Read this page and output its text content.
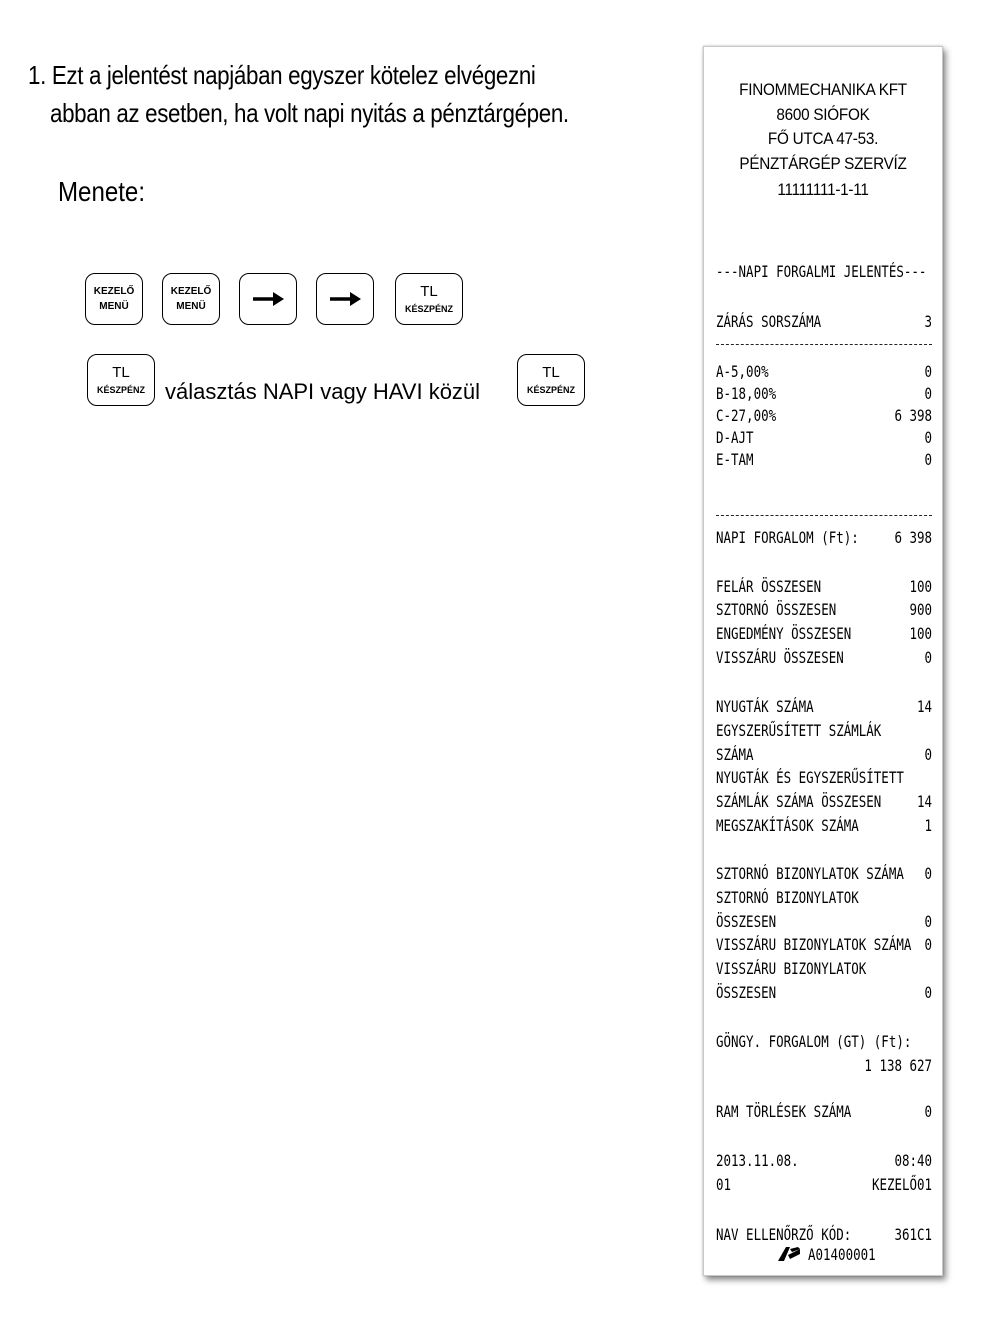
1. Ezt a jelentést napjában egyszer kötelez elvégezni
abban az esetben, ha volt napi nyitás a pénztárgépen.
Menete:
KEZELŐ
MENÜ
KEZELŐ
MENÜ
TL
KÉSZPÉNZ
TL
KÉSZPÉNZ választás NAPI vagy HAVI közül
TL
KÉSZPÉNZ
FINOMMECHANIKA KFT
8600 SIÓFOK
FŐ UTCA 47-53.
PÉNZTÁRGÉP SZERVÍZ
11111111-1-11
---NAPI FORGALMI JELENTÉS---
ZÁRÁS SORSZÁMA	3
A-5,00%	0
B-18,00%	0
C-27,00%	6 398
D-AJT	0
E-TAM	0
NAPI FORGALOM (Ft): 6 398
FELÁR ÖSSZESEN	100
SZTORNÓ ÖSSZESEN	900
ENGEDMÉNY ÖSSZESEN	100
VISSZÁRU ÖSSZESEN	0
NYUGTÁK SZÁMA	14
EGYSZERŰSÍTETT SZÁMLÁK
SZÁMA	0
NYUGTÁK ÉS EGYSZERŰSÍTETT
SZÁMLÁK SZÁMA ÖSSZESEN 14
MEGSZAKÍTÁSOK SZÁMA	1
SZTORNÓ BIZONYLATOK SZÁMA 0
SZTORNÓ BIZONYLATOK
ÖSSZESEN	0
VISSZÁRU BIZONYLATOK SZÁMA 0
VISSZÁRU BIZONYLATOK
ÖSSZESEN	0
GÖNGY. FORGALOM (GT) (Ft):
1 138 627
RAM TÖRLÉSEK SZÁMA	0
2013.11.08.	08:40
01	KEZELŐ01
NAV ELLENŐRZŐ KÓD:	361C1
A01400001
